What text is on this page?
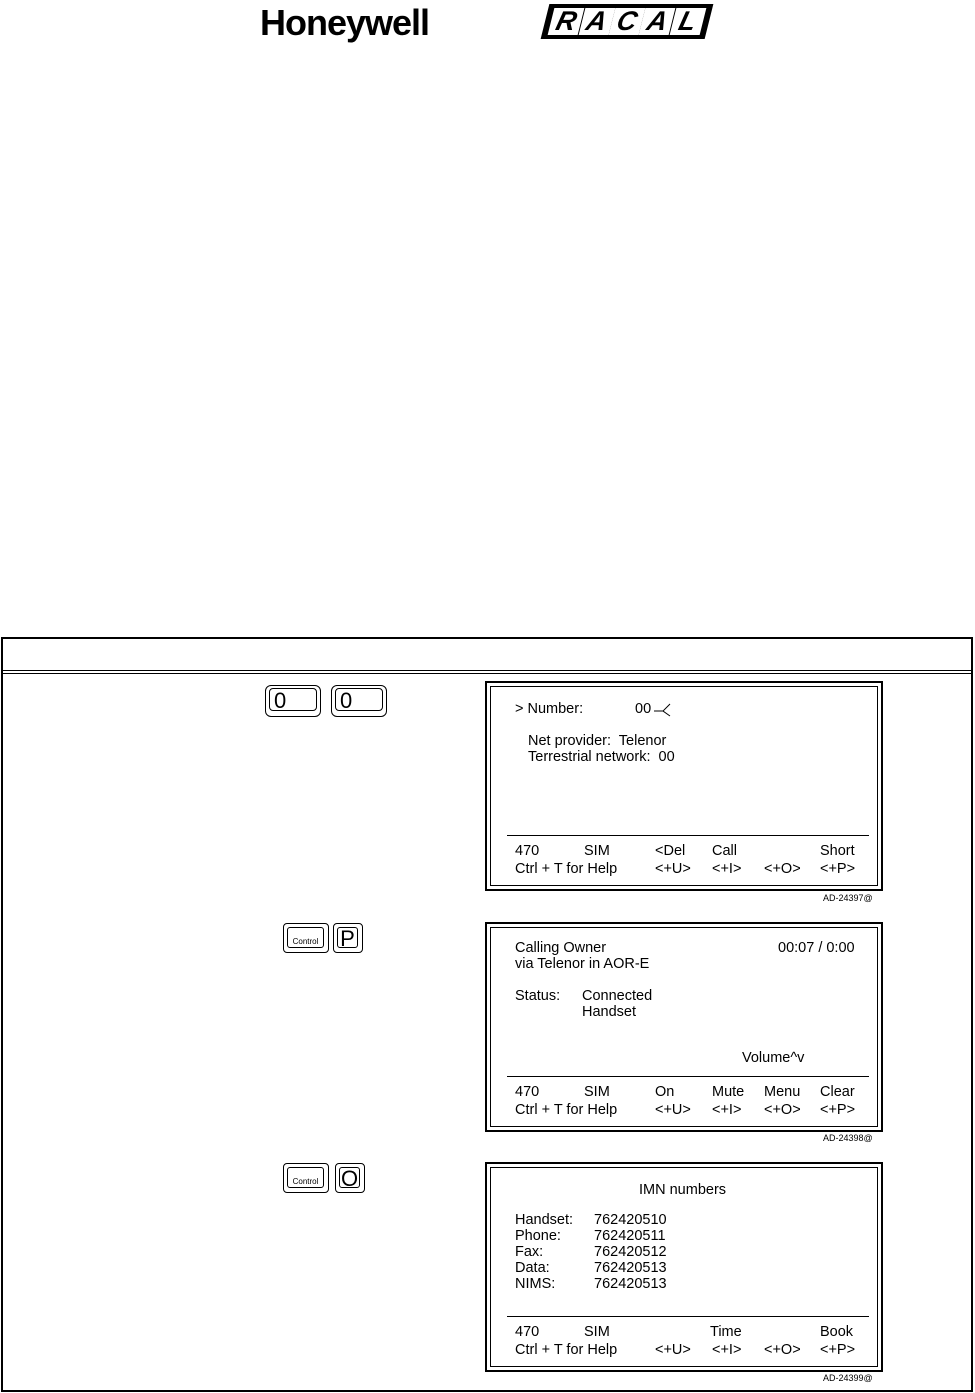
Honeywell	R A C A L
0	0	> Number:	00
Net provider:  Telenor
Terrestrial network:  00
470	SIM	<Del Call	Short
Ctrl + T for Help	<+U> <+I> <+O> <+P>
AD-24397@
Control P	Calling Owner	00:07 / 0:00
via Telenor in AOR-E
Status: Connected
Handset
Volume^v
470	SIM	On	Mute Menu Clear
Ctrl + T for Help	<+U> <+I> <+O> <+P>
AD-24398@
Control O	IMN numbers
Handset: 762420510
Phone: 762420511
Fax:	762420512
Data:	762420513
NIMS:	762420513
470	SIM	Time	Book
Ctrl + T for Help	<+U> <+I> <+O> <+P>
AD-24399@
